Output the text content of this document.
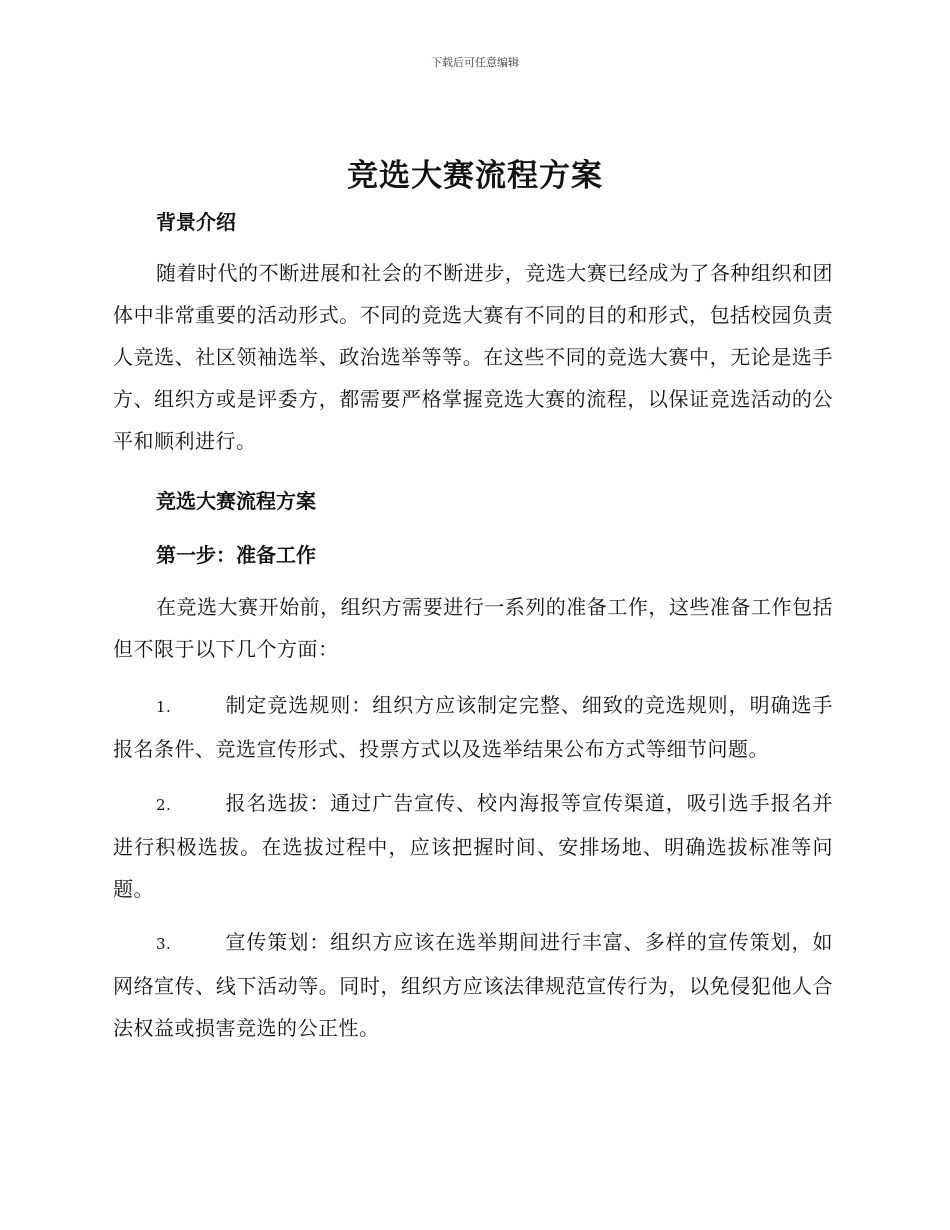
下载后可任意编辑
竞选大赛流程方案
背景介绍
随着时代的不断进展和社会的不断进步，竞选大赛已经成为了各种组织和团体中非常重要的活动形式。不同的竞选大赛有不同的目的和形式，包括校园负责人竞选、社区领袖选举、政治选举等等。在这些不同的竞选大赛中，无论是选手方、组织方或是评委方，都需要严格掌握竞选大赛的流程，以保证竞选活动的公平和顺利进行。
竞选大赛流程方案
第一步：准备工作
在竞选大赛开始前，组织方需要进行一系列的准备工作，这些准备工作包括但不限于以下几个方面：
1.	制定竞选规则：组织方应该制定完整、细致的竞选规则，明确选手报名条件、竞选宣传形式、投票方式以及选举结果公布方式等细节问题。
2.	报名选拔：通过广告宣传、校内海报等宣传渠道，吸引选手报名并进行积极选拔。在选拔过程中，应该把握时间、安排场地、明确选拔标准等问题。
3.	宣传策划：组织方应该在选举期间进行丰富、多样的宣传策划，如网络宣传、线下活动等。同时，组织方应该法律规范宣传行为，以免侵犯他人合法权益或损害竞选的公正性。
